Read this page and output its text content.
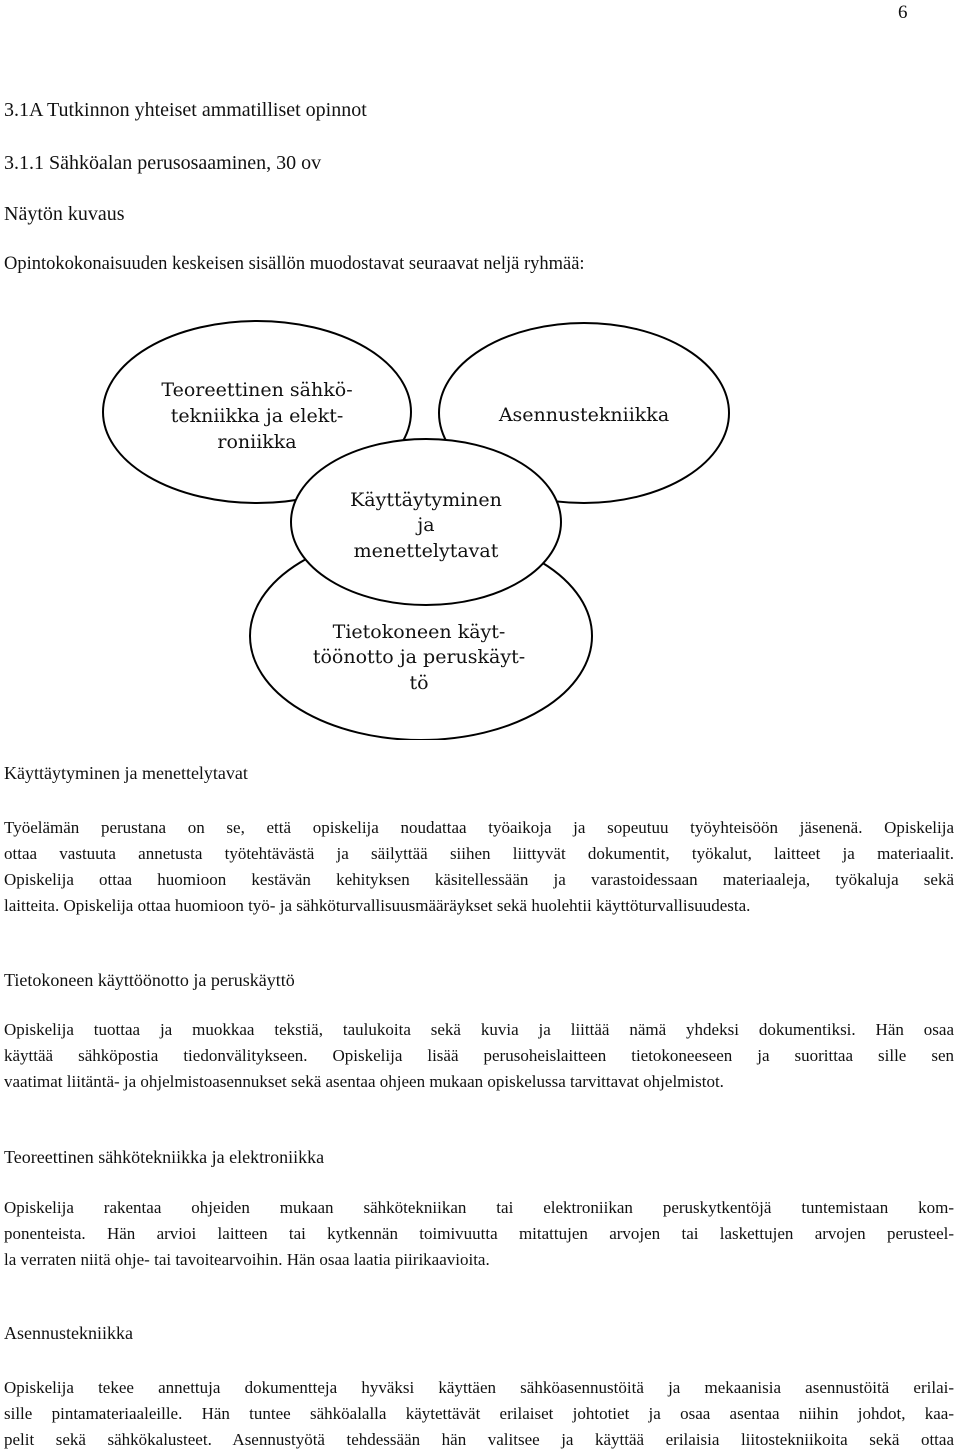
6
3.1A Tutkinnon yhteiset ammatilliset opinnot
3.1.1 Sähköalan perusosaaminen, 30 ov
Näytön kuvaus
Opintokokonaisuuden keskeisen sisällön muodostavat seuraavat neljä ryhmää:
Teoreettinen sähkö-
tekniikka ja elekt-
roniikka
Asennustekniikka
Käyttäytyminen
ja
menettelytavat
Tietokoneen käyt-
töönotto ja peruskäyt-
tö
Käyttäytyminen ja menettelytavat
Työelämän perustana on se, että opiskelija noudattaa työaikoja ja sopeutuu työyhteisöön jäsenenä. Opiskelija
ottaa vastuuta annetusta työtehtävästä ja säilyttää siihen liittyvät dokumentit, työkalut, laitteet ja materiaalit.
Opiskelija ottaa huomioon kestävän kehityksen käsitellessään ja varastoidessaan materiaaleja, työkaluja sekä
laitteita. Opiskelija ottaa huomioon työ- ja sähköturvallisuusmääräykset sekä huolehtii käyttöturvallisuudesta.
Tietokoneen käyttöönotto ja peruskäyttö
Opiskelija tuottaa ja muokkaa tekstiä, taulukoita sekä kuvia ja liittää nämä yhdeksi dokumentiksi. Hän osaa
käyttää sähköpostia tiedonvälitykseen. Opiskelija lisää perusoheislaitteen tietokoneeseen ja suorittaa sille sen
vaatimat liitäntä- ja ohjelmistoasennukset sekä asentaa ohjeen mukaan opiskelussa tarvittavat ohjelmistot.
Teoreettinen sähkötekniikka ja elektroniikka
Opiskelija rakentaa ohjeiden mukaan sähkötekniikan tai elektroniikan peruskytkentöjä tuntemistaan kom-
ponenteista. Hän arvioi laitteen tai kytkennän toimivuutta mitattujen arvojen tai laskettujen arvojen perusteel-
la verraten niitä ohje- tai tavoitearvoihin. Hän osaa laatia piirikaavioita.
Asennustekniikka
Opiskelija tekee annettuja dokumentteja hyväksi käyttäen sähköasennustöitä ja mekaanisia asennustöitä erilai-
sille pintamateriaaleille. Hän tuntee sähköalalla käytettävät erilaiset johtotiet ja osaa asentaa niihin johdot, kaa-
pelit sekä sähkökalusteet. Asennustyötä tehdessään hän valitsee ja käyttää erilaisia liitostekniikoita sekä ottaa
